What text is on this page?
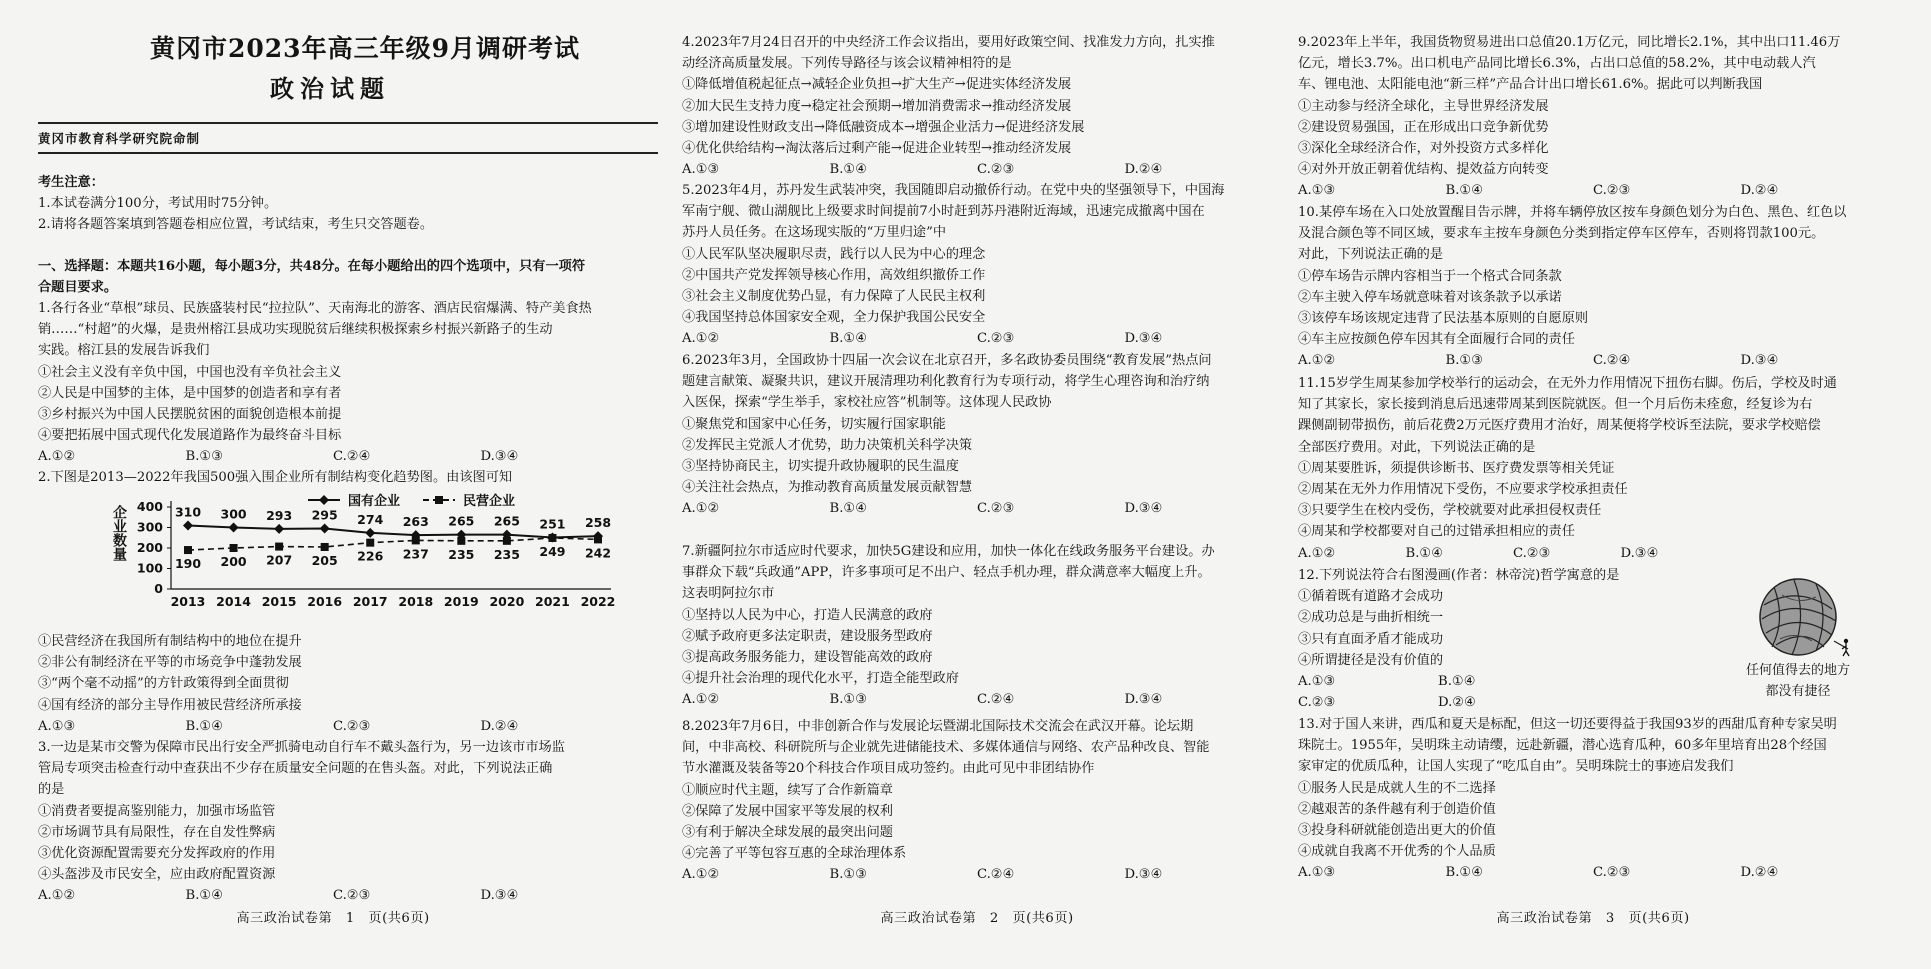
黄冈市2023年高三年级9月调研考试
政治试题
黄冈市教育科学研究院命制
考生注意：
1.本试卷满分100分，考试用时75分钟。
2.请将各题答案填到答题卷相应位置，考试结束，考生只交答题卷。
一、选择题：本题共16小题，每小题3分，共48分。在每小题给出的四个选项中，只有一项符
合题目要求。
1.各行各业“草根”球员、民族盛装村民“拉拉队”、天南海北的游客、酒店民宿爆满、特产美食热
销……“村超”的火爆，是贵州榕江县成功实现脱贫后继续积极探索乡村振兴新路子的生动
实践。榕江县的发展告诉我们
①社会主义没有辛负中国，中国也没有辛负社会主义
②人民是中国梦的主体，是中国梦的创造者和享有者
③乡村振兴为中国人民摆脱贫困的面貌创造根本前提
④要把拓展中国式现代化发展道路作为最终奋斗目标
A.①②	B.①③	C.②④	D.③④
2.下图是2013—2022年我国500强入围企业所有制结构变化趋势图。由该图可知
0
100
200
300
400
2013 2014 2015 2016 2017 2018 2019 2020 2021 2022
310 300 293 295 274 263 265 265 251 258
190 200 207 205 226 237 235 235 249 242
国有企业	民营企业
企业数量
①民营经济在我国所有制结构中的地位在提升
②非公有制经济在平等的市场竞争中蓬勃发展
③“两个毫不动摇”的方针政策得到全面贯彻
④国有经济的部分主导作用被民营经济所承接
A.①③	B.①④	C.②③	D.②④
3.一边是某市交警为保障市民出行安全严抓骑电动自行车不戴头盔行为，另一边该市市场监
管局专项突击检查行动中查获出不少存在质量安全问题的在售头盔。对此，下列说法正确
的是
①消费者要提高鉴别能力，加强市场监管
②市场调节具有局限性，存在自发性弊病
③优化资源配置需要充分发挥政府的作用
④头盔涉及市民安全，应由政府配置资源
A.①②	B.①④	C.②③	D.③④
高三政治试卷第　1　页(共6页)
4.2023年7月24日召开的中央经济工作会议指出，要用好政策空间、找准发力方向，扎实推
动经济高质量发展。下列传导路径与该会议精神相符的是
①降低增值税起征点→减轻企业负担→扩大生产→促进实体经济发展
②加大民生支持力度→稳定社会预期→增加消费需求→推动经济发展
③增加建设性财政支出→降低融资成本→增强企业活力→促进经济发展
④优化供给结构→淘汰落后过剩产能→促进企业转型→推动经济发展
A.①③	B.①④	C.②③	D.②④
5.2023年4月，苏丹发生武装冲突，我国随即启动撤侨行动。在党中央的坚强领导下，中国海
军南宁舰、微山湖舰比上级要求时间提前7小时赶到苏丹港附近海域，迅速完成撤离中国在
苏丹人员任务。在这场现实版的“万里归途”中
①人民军队坚决履职尽责，践行以人民为中心的理念
②中国共产党发挥领导核心作用，高效组织撤侨工作
③社会主义制度优势凸显，有力保障了人民民主权利
④我国坚持总体国家安全观，全力保护我国公民安全
A.①②	B.①④	C.②③	D.③④
6.2023年3月，全国政协十四届一次会议在北京召开，多名政协委员围绕“教育发展”热点问
题建言献策、凝聚共识，建议开展清理功利化教育行为专项行动，将学生心理咨询和治疗纳
入医保，探索“学生举手，家校社应答”机制等。这体现人民政协
①聚焦党和国家中心任务，切实履行国家职能
②发挥民主党派人才优势，助力决策机关科学决策
③坚持协商民主，切实提升政协履职的民生温度
④关注社会热点，为推动教育高质量发展贡献智慧
A.①②	B.①④	C.②③	D.③④
7.新疆阿拉尔市适应时代要求，加快5G建设和应用，加快一体化在线政务服务平台建设。办
事群众下载“兵政通”APP，许多事项可足不出户、轻点手机办理，群众满意率大幅度上升。
这表明阿拉尔市
①坚持以人民为中心，打造人民满意的政府
②赋予政府更多法定职责，建设服务型政府
③提高政务服务能力，建设智能高效的政府
④提升社会治理的现代化水平，打造全能型政府
A.①②	B.①③	C.②④	D.③④
8.2023年7月6日，中非创新合作与发展论坛暨湖北国际技术交流会在武汉开幕。论坛期
间，中非高校、科研院所与企业就先进储能技术、多媒体通信与网络、农产品种改良、智能
节水灌溉及装备等20个科技合作项目成功签约。由此可见中非团结协作
①顺应时代主题，续写了合作新篇章
②保障了发展中国家平等发展的权利
③有利于解决全球发展的最突出问题
④完善了平等包容互惠的全球治理体系
A.①②	B.①③	C.②④	D.③④
高三政治试卷第　2　页(共6页)
9.2023年上半年，我国货物贸易进出口总值20.1万亿元，同比增长2.1%，其中出口11.46万
亿元，增长3.7%。出口机电产品同比增长6.3%，占出口总值的58.2%，其中电动载人汽
车、锂电池、太阳能电池“新三样”产品合计出口增长61.6%。据此可以判断我国
①主动参与经济全球化，主导世界经济发展
②建设贸易强国，正在形成出口竞争新优势
③深化全球经济合作，对外投资方式多样化
④对外开放正朝着优结构、提效益方向转变
A.①③	B.①④	C.②③	D.②④
10.某停车场在入口处放置醒目告示牌，并将车辆停放区按车身颜色划分为白色、黑色、红色以
及混合颜色等不同区域，要求车主按车身颜色分类到指定停车区停车，否则将罚款100元。
对此，下列说法正确的是
①停车场告示牌内容相当于一个格式合同条款
②车主驶入停车场就意味着对该条款予以承诺
③该停车场该规定违背了民法基本原则的自愿原则
④车主应按颜色停车因其有全面履行合同的责任
A.①②	B.①③	C.②④	D.③④
11.15岁学生周某参加学校举行的运动会，在无外力作用情况下扭伤右脚。伤后，学校及时通
知了其家长，家长接到消息后迅速带周某到医院就医。但一个月后伤未痊愈，经复诊为右
踝侧副韧带损伤，前后花费2万元医疗费用才治好，周某便将学校诉至法院，要求学校赔偿
全部医疗费用。对此，下列说法正确的是
①周某要胜诉，须提供诊断书、医疗费发票等相关凭证
②周某在无外力作用情况下受伤，不应要求学校承担责任
③只要学生在校内受伤，学校就要对此承担侵权责任
④周某和学校都要对自己的过错承担相应的责任
A.①②	B.①④	C.②③	D.③④
12.下列说法符合右图漫画(作者：林帝浣)哲学寓意的是
①循着既有道路才会成功
②成功总是与曲折相统一
③只有直面矛盾才能成功
④所谓捷径是没有价值的
A.①③	B.①④
C.②③	D.②④
13.对于国人来讲，西瓜和夏天是标配，但这一切还要得益于我国93岁的西甜瓜育种专家吴明
珠院士。1955年，吴明珠主动请缨，远赴新疆，潜心选育瓜种，60多年里培育出28个经国
家审定的优质瓜种，让国人实现了“吃瓜自由”。吴明珠院士的事迹启发我们
①服务人民是成就人生的不二选择
②越艰苦的条件越有利于创造价值
③投身科研就能创造出更大的价值
④成就自我离不开优秀的个人品质
A.①③	B.①④	C.②③	D.②④
高三政治试卷第　3　页(共6页)
任何值得去的地方
都没有捷径
